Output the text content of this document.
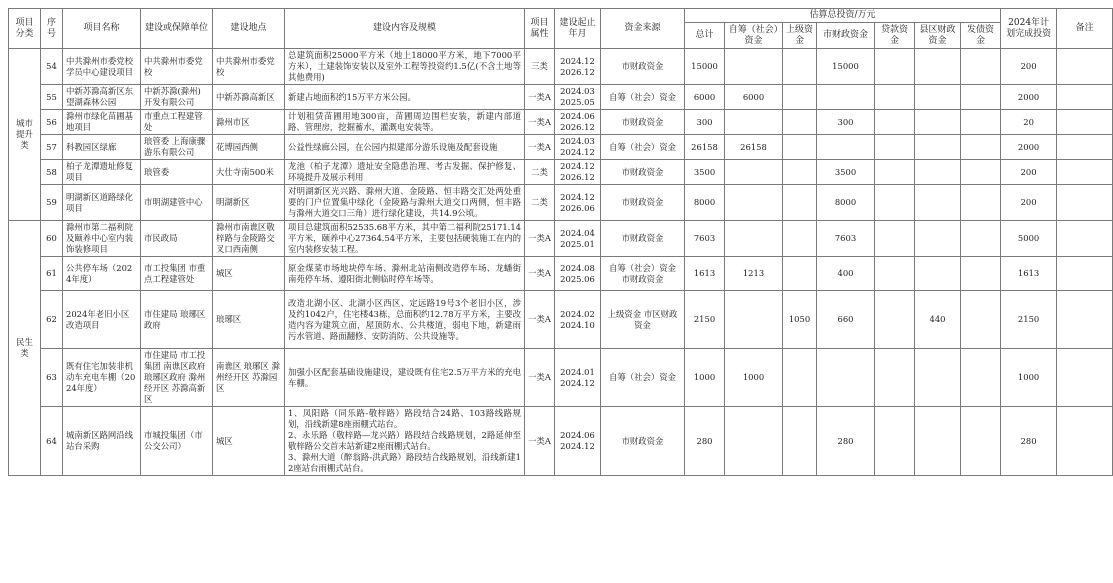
项目分类	序号	项目名称	建设或保障单位	建设地点	建设内容及规模	项目属性	建设起止年月	资金来源	估算总投资/万元							2024年计划完成投资	备注
									总计	自筹（社会）资金	上级资金	市财政资金	贷款资金	县区财政资金	发债资金		
城市提升类	54	中共滁州市委党校学员中心建设项目	中共滁州市委党校	中共滁州市委党校	总建筑面积25000平方米（地上18000平方米，地下7000平方米），土建装饰安装以及室外工程等投资约1.5亿(不含土地等其他费用)	三类	2024.12 2026.12	市财政资金	15000			15000				200	
	55	中新苏滁高新区东望湖森林公园	中新苏滁(滁州)开发有限公司	中新苏滁高新区	新建占地面积约15万平方米公园。	一类A	2024.03 2025.05	自筹（社会）资金	6000	6000						2000	
	56	滁州市绿化苗圃基地项目	市重点工程建管处	滁州市区	计划租赁苗圃用地300亩，苗圃周边围栏安装，新建内部道路、管理房，挖掘蓄水，灌溉电安装等。	一类A	2024.06 2026.12	市财政资金	300			300				20	
	57	科教园区绿廊	琅管委 上海康骤游乐有限公司	花博园西侧	公益性绿廊公园，在公园内拟建部分游乐设施及配套设施	一类A	2024.03 2024.12	自筹（社会）资金	26158	26158						2000	
	58	柏子龙潭遗址修复项目	琅管委	大仕寺南500米	龙池（柏子龙潭）遗址安全隐患治理、考古发掘、保护修复、环境提升及展示利用	二类	2024.12 2026.12	市财政资金	3500			3500				200	
	59	明湖新区道路绿化项目	市明湖建管中心	明湖新区	对明湖新区光兴路、滁州大道、金陵路、恒丰路交汇处两处重要的门户位置集中绿化（金陵路与滁州大道交口两侧，恒丰路与滁州大道交口三角）进行绿化建设，共14.9公顷。	二类	2024.12 2026.06	市财政资金	8000			8000				200	
民生类	60	滁州市第二福利院及颐养中心室内装饰装修项目	市民政局	滁州市南谯区敬梓路与金陵路交叉口西南侧	项目总建筑面积52535.68平方米，其中第二福利院25171.14平方米，颐养中心27364.54平方米，主要包括硬装施工在内的室内装修安装工程。	一类A	2024.04 2025.01	市财政资金	7603			7603				5000	
	61	公共停车场（2024年度）	市工投集团 市重点工程建管处	城区	原金煤菜市场地块停车场、滁州北站南侧改造停车场、龙蟠街南苑停车场、遵阳街北侧临时停车场等。	一类A	2024.08 2025.06	自筹（社会）资金 市财政资金	1613	1213		400				1613	
	62	2024年老旧小区改造项目	市住建局 琅琊区政府	琅琊区	改造北湖小区、北湖小区西区、定远路19号3个老旧小区，涉及约1042户，住宅楼43栋，总面积约12.78万平方米，主要改造内容为建筑立面，屋顶防水、公共楼道，弱电下地，新建雨污水管道、路面翻修、安防消防、公共设施等。	一类A	2024.02 2024.10	上级资金 市区财政资金	2150		1050	660		440		2150	
	63	既有住宅加装非机动车充电车棚（2024年度）	市住建局 市工投集团 南谯区政府 琅琊区政府 滁州经开区 苏滁高新区	南谯区 琅琊区 滁州经开区 苏滁园区	加强小区配套基础设施建设，建设既有住宅2.5万平方米的充电车棚。	一类A	2024.01 2024.12	自筹（社会）资金	1000	1000						1000	
	64	城南新区路网沿线站台采购	市城投集团（市公交公司）	城区	1、凤阳路（同乐路-敬梓路）路段结合24路、103路线路规划，沿线新建8座雨棚式站台。
2、永乐路（敬梓路—龙兴路）路段结合线路规划，2路延伸至敬梓路公交首末站新建2座雨棚式站台。
3、滁州大道（醉翁路-洪武路）路段结合线路规划，沿线新建12座站台雨棚式站台。	一类A	2024.06 2024.12	市财政资金	280			280				280	
